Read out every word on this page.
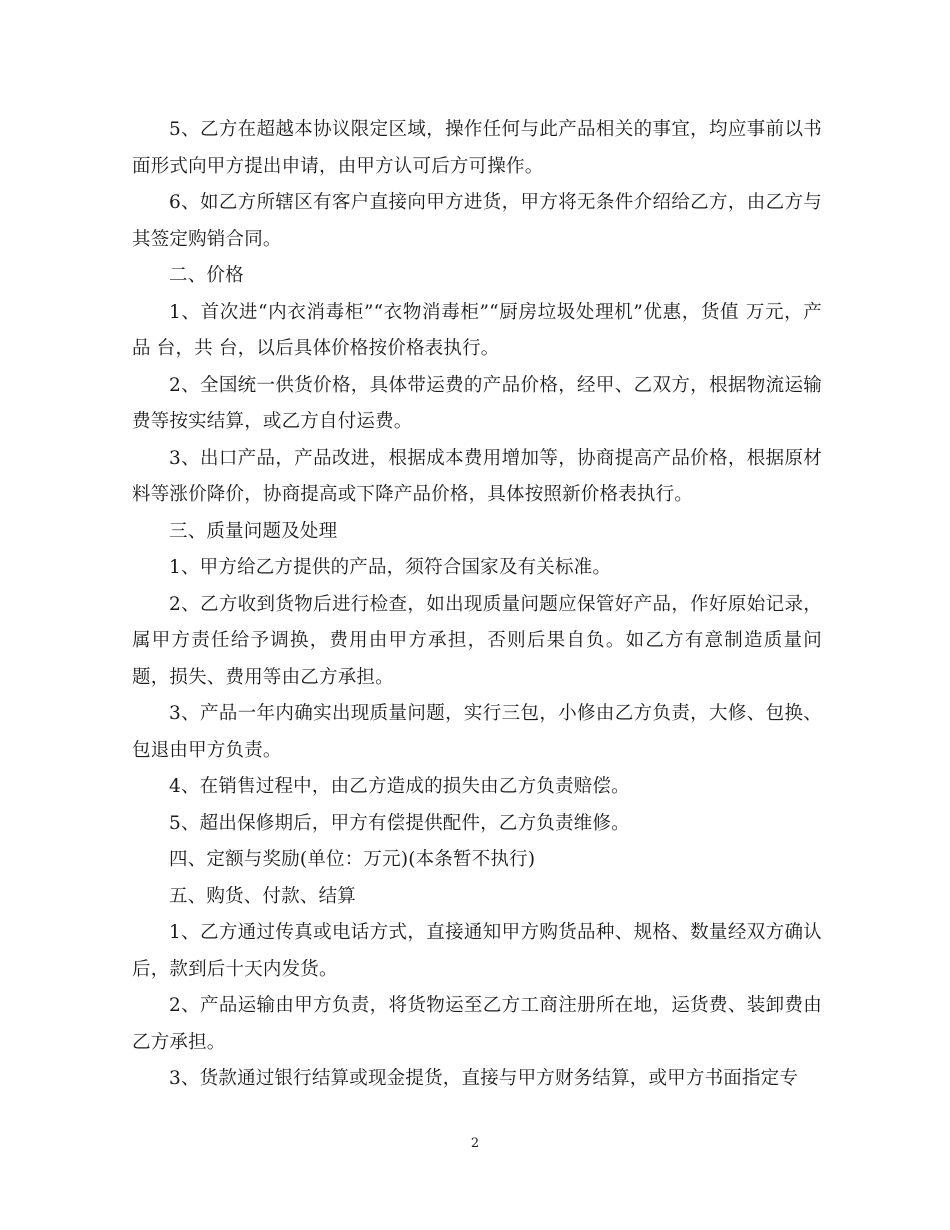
5、乙方在超越本协议限定区域，操作任何与此产品相关的事宜，均应事前以书面形式向甲方提出申请，由甲方认可后方可操作。

6、如乙方所辖区有客户直接向甲方进货，甲方将无条件介绍给乙方，由乙方与其签定购销合同。

二、价格

1、首次进“内衣消毒柜”“衣物消毒柜”“厨房垃圾处理机”优惠，货值 万元，产品 台，共 台，以后具体价格按价格表执行。

2、全国统一供货价格，具体带运费的产品价格，经甲、乙双方，根据物流运输费等按实结算，或乙方自付运费。

3、出口产品，产品改进，根据成本费用增加等，协商提高产品价格，根据原材料等涨价降价，协商提高或下降产品价格，具体按照新价格表执行。

三、质量问题及处理

1、甲方给乙方提供的产品，须符合国家及有关标准。

2、乙方收到货物后进行检查，如出现质量问题应保管好产品，作好原始记录，属甲方责任给予调换，费用由甲方承担，否则后果自负。如乙方有意制造质量问题，损失、费用等由乙方承担。

3、产品一年内确实出现质量问题，实行三包，小修由乙方负责，大修、包换、包退由甲方负责。

4、在销售过程中，由乙方造成的损失由乙方负责赔偿。

5、超出保修期后，甲方有偿提供配件，乙方负责维修。

四、定额与奖励(单位：万元)(本条暂不执行)

五、购货、付款、结算

1、乙方通过传真或电话方式，直接通知甲方购货品种、规格、数量经双方确认后，款到后十天内发货。

2、产品运输由甲方负责，将货物运至乙方工商注册所在地，运货费、装卸费由乙方承担。

3、货款通过银行结算或现金提货，直接与甲方财务结算，或甲方书面指定专

2
